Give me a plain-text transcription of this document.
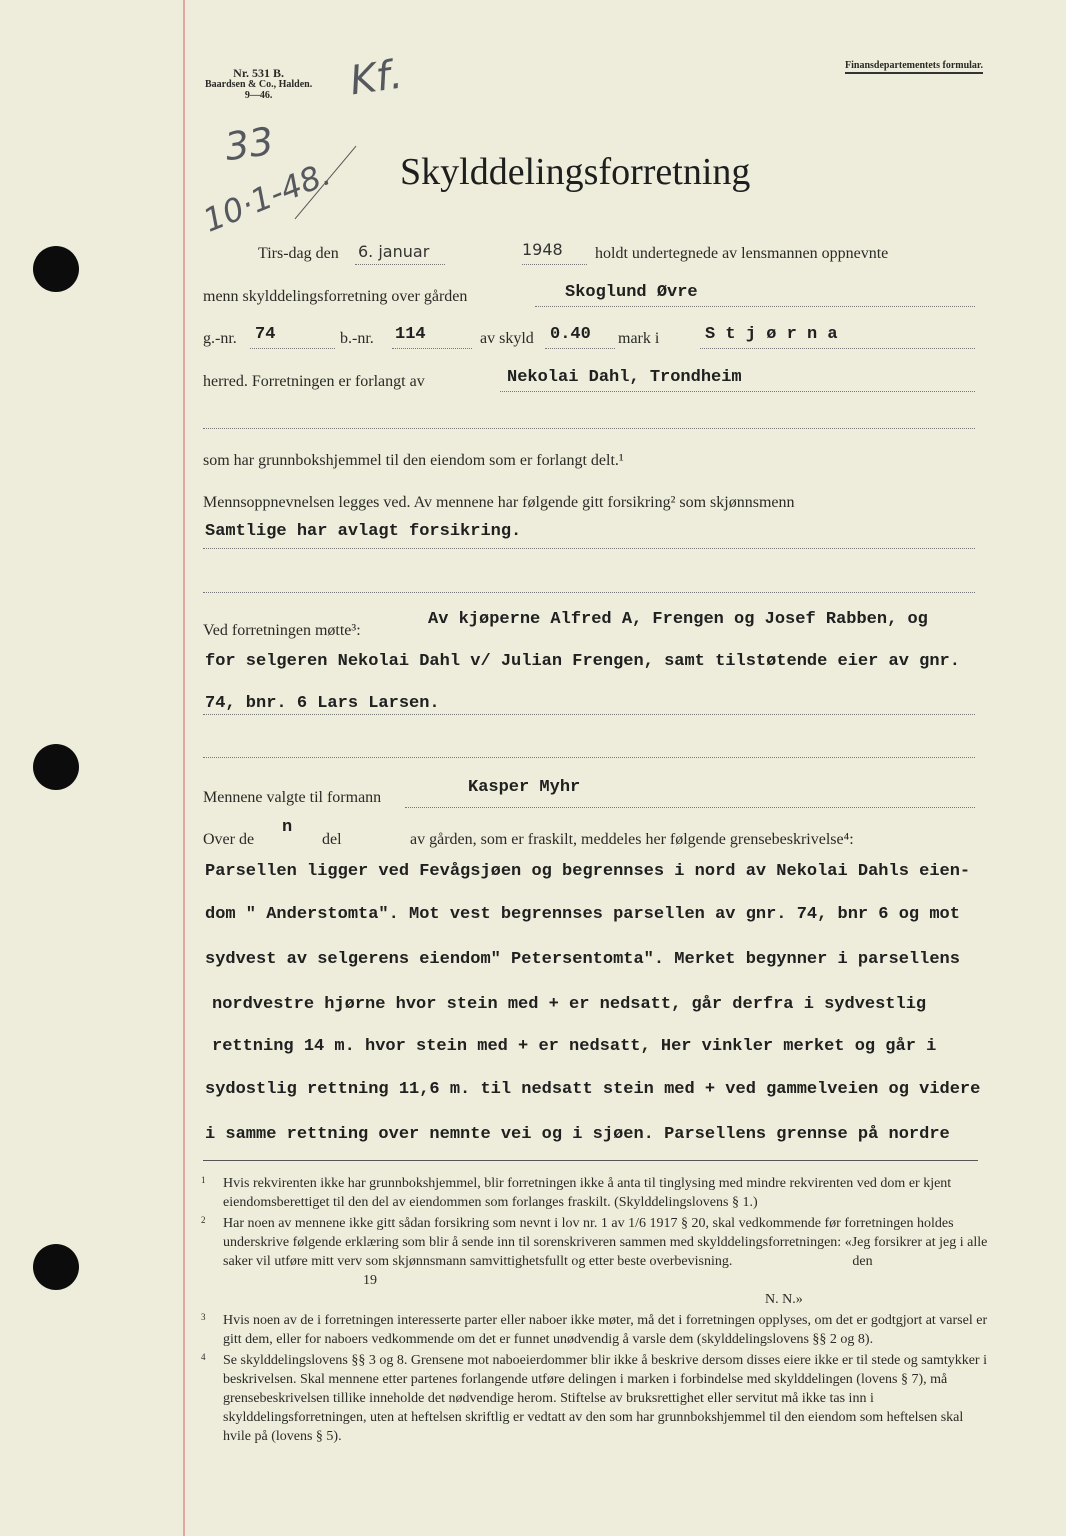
Nr. 531 B.
Baardsen & Co., Halden.
9—46.
Finansdepartementets formular.
Kf.
33
10·1-48. Skylddelingsforretning
Tirs-dag den 6. januar	1948 holdt undertegnede av lensmannen oppnevnte
menn skylddelingsforretning over gården	Skoglund Øvre
g.-nr. 74	b.-nr. 114	av skyld 0.40 mark i	S t j ø r n a
herred. Forretningen er forlangt av	Nekolai Dahl, Trondheim
som har grunnbokshjemmel til den eiendom som er forlangt delt.¹
Mennsoppnevnelsen legges ved. Av mennene har følgende gitt forsikring² som skjønnsmenn
Samtlige har avlagt forsikring.
Ved forretningen møtte³:
Av kjøperne Alfred A, Frengen og Josef Rabben, og
for selgeren Nekolai Dahl v/ Julian Frengen, samt tilstøtende eier av gnr.
74, bnr. 6 Lars Larsen.
Mennene valgte til formann
Kasper Myhr
Over de
n
del	av gården, som er fraskilt, meddeles her følgende grensebeskrivelse⁴:
Parsellen ligger ved Fevågsjøen og begrennses i nord av Nekolai Dahls eien-
dom " Anderstomta". Mot vest begrennses parsellen av gnr. 74, bnr 6 og mot
sydvest av selgerens eiendom" Petersentomta". Merket begynner i parsellens
nordvestre hjørne hvor stein med + er nedsatt, går derfra i sydvestlig
rettning 14 m. hvor stein med + er nedsatt, Her vinkler merket og går i
sydostlig rettning 11,6 m. til nedsatt stein med + ved gammelveien og videre
i samme rettning over nemnte vei og i sjøen. Parsellens grennse på nordre
1	Hvis rekvirenten ikke har grunnbokshjemmel, blir forretningen ikke å anta til tinglysing med mindre rekvirenten ved dom er kjent eiendomsberettiget til den del av eiendommen som forlanges fraskilt. (Skylddelingslovens § 1.)

2	Har noen av mennene ikke gitt sådan forsikring som nevnt i lov nr. 1 av 1/6 1917 § 20, skal vedkommende før forretningen holdes underskrive følgende erklæring som blir å sende inn til sorenskriveren sammen med skylddelingsforretningen: «Jeg forsikrer at jeg i alle saker vil utføre mitt verv som skjønnsmann samvittighetsfullt og etter beste overbevisning.	den19
N. N.»

3	Hvis noen av de i forretningen interesserte parter eller naboer ikke møter, må det i forretningen opplyses, om det er godtgjort at varsel er gitt dem, eller for naboers vedkommende om det er funnet unødvendig å varsle dem (skylddelingslovens §§ 2 og 8).

4	Se skylddelingslovens §§ 3 og 8. Grensene mot naboeierdommer blir ikke å beskrive dersom disses eiere ikke er til stede og samtykker i beskrivelsen. Skal mennene etter partenes forlangende utføre delingen i marken i forbindelse med skylddelingen (lovens § 7), må grensebeskrivelsen tillike inneholde det nødvendige herom. Stiftelse av bruksrettighet eller servitut må ikke tas inn i skylddelingsforretningen, uten at heftelsen skriftlig er vedtatt av den som har grunnbokshjemmel til den eiendom som heftelsen skal hvile på (lovens § 5).
